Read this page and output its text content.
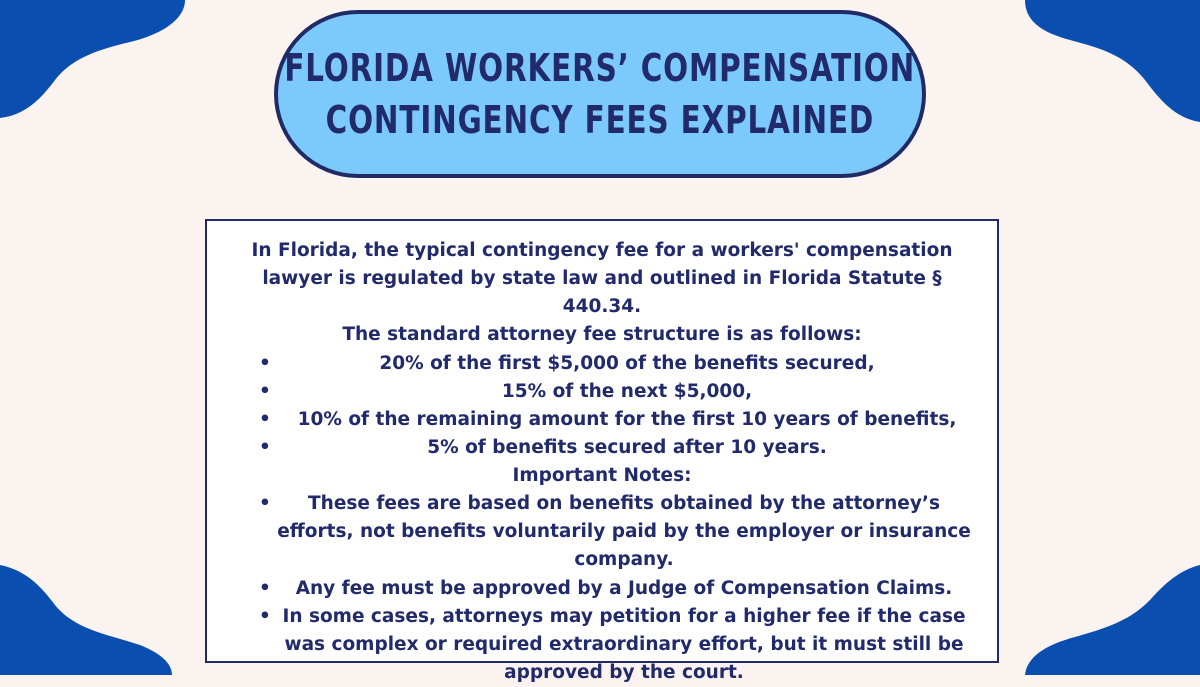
FLORIDA WORKERS’ COMPENSATION
CONTINGENCY FEES EXPLAINED
In Florida, the typical contingency fee for a workers' compensation
lawyer is regulated by state law and outlined in Florida Statute § 440.34.
The standard attorney fee structure is as follows:
•	20% of the first $5,000 of the benefits secured,
•	15% of the next $5,000,
• 10% of the remaining amount for the first 10 years of benefits,
•	5% of benefits secured after 10 years.
Important Notes:
• These fees are based on benefits obtained by the attorney’s efforts, not benefits voluntarily paid by the employer or insurance company.
• Any fee must be approved by a Judge of Compensation Claims.
• In some cases, attorneys may petition for a higher fee if the case was complex or required extraordinary effort, but it must still be approved by the court.
